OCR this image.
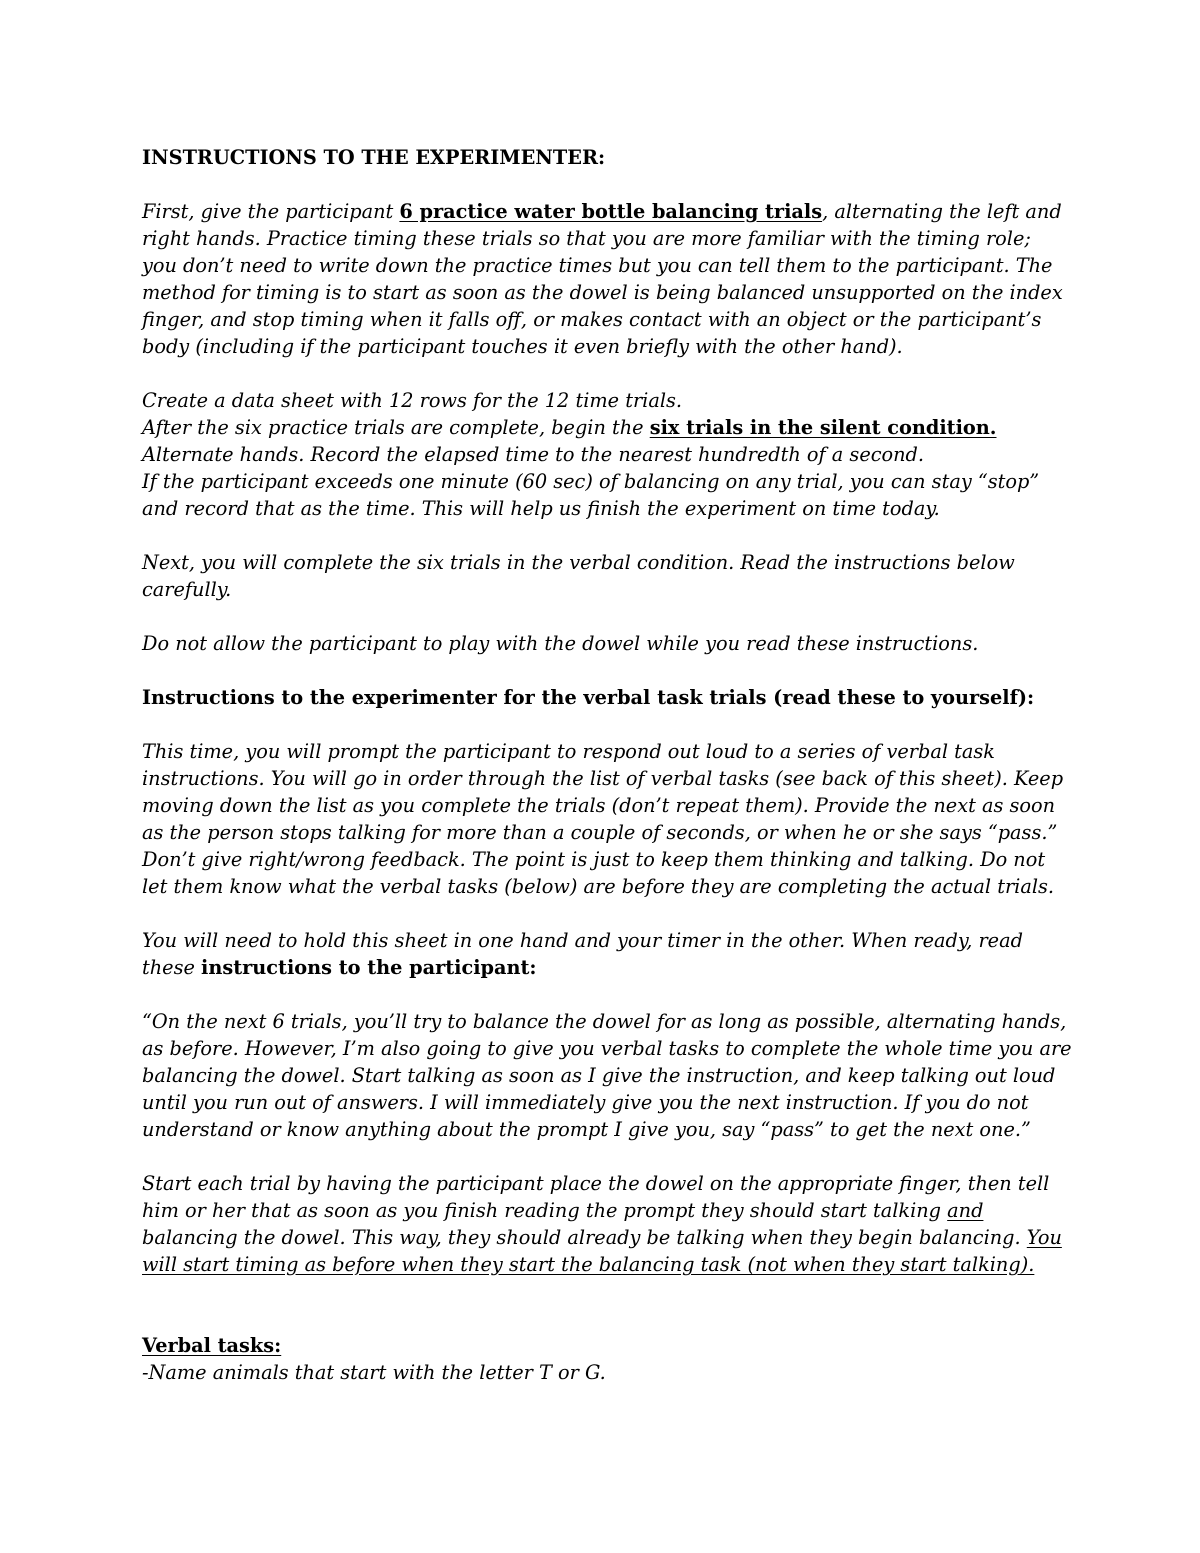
INSTRUCTIONS TO THE EXPERIMENTER:
First, give the participant 6 practice water bottle balancing trials, alternating the left and
right hands. Practice timing these trials so that you are more familiar with the timing role;
you don’t need to write down the practice times but you can tell them to the participant. The
method for timing is to start as soon as the dowel is being balanced unsupported on the index
finger, and stop timing when it falls off, or makes contact with an object or the participant’s
body (including if the participant touches it even briefly with the other hand).
Create a data sheet with 12 rows for the 12 time trials.
After the six practice trials are complete, begin the six trials in the silent condition.
Alternate hands. Record the elapsed time to the nearest hundredth of a second.
If the participant exceeds one minute (60 sec) of balancing on any trial, you can stay “stop”
and record that as the time. This will help us finish the experiment on time today.
Next, you will complete the six trials in the verbal condition. Read the instructions below
carefully.
Do not allow the participant to play with the dowel while you read these instructions.
Instructions to the experimenter for the verbal task trials (read these to yourself):
This time, you will prompt the participant to respond out loud to a series of verbal task
instructions. You will go in order through the list of verbal tasks (see back of this sheet). Keep
moving down the list as you complete the trials (don’t repeat them). Provide the next as soon
as the person stops talking for more than a couple of seconds, or when he or she says “pass.”
Don’t give right/wrong feedback. The point is just to keep them thinking and talking. Do not
let them know what the verbal tasks (below) are before they are completing the actual trials.
You will need to hold this sheet in one hand and your timer in the other. When ready, read
these instructions to the participant:
“On the next 6 trials, you’ll try to balance the dowel for as long as possible, alternating hands,
as before. However, I’m also going to give you verbal tasks to complete the whole time you are
balancing the dowel. Start talking as soon as I give the instruction, and keep talking out loud
until you run out of answers. I will immediately give you the next instruction. If you do not
understand or know anything about the prompt I give you, say “pass” to get the next one.”
Start each trial by having the participant place the dowel on the appropriate finger, then tell
him or her that as soon as you finish reading the prompt they should start talking and
balancing the dowel. This way, they should already be talking when they begin balancing. You
will start timing as before when they start the balancing task (not when they start talking).
Verbal tasks:
-Name animals that start with the letter T or G.
